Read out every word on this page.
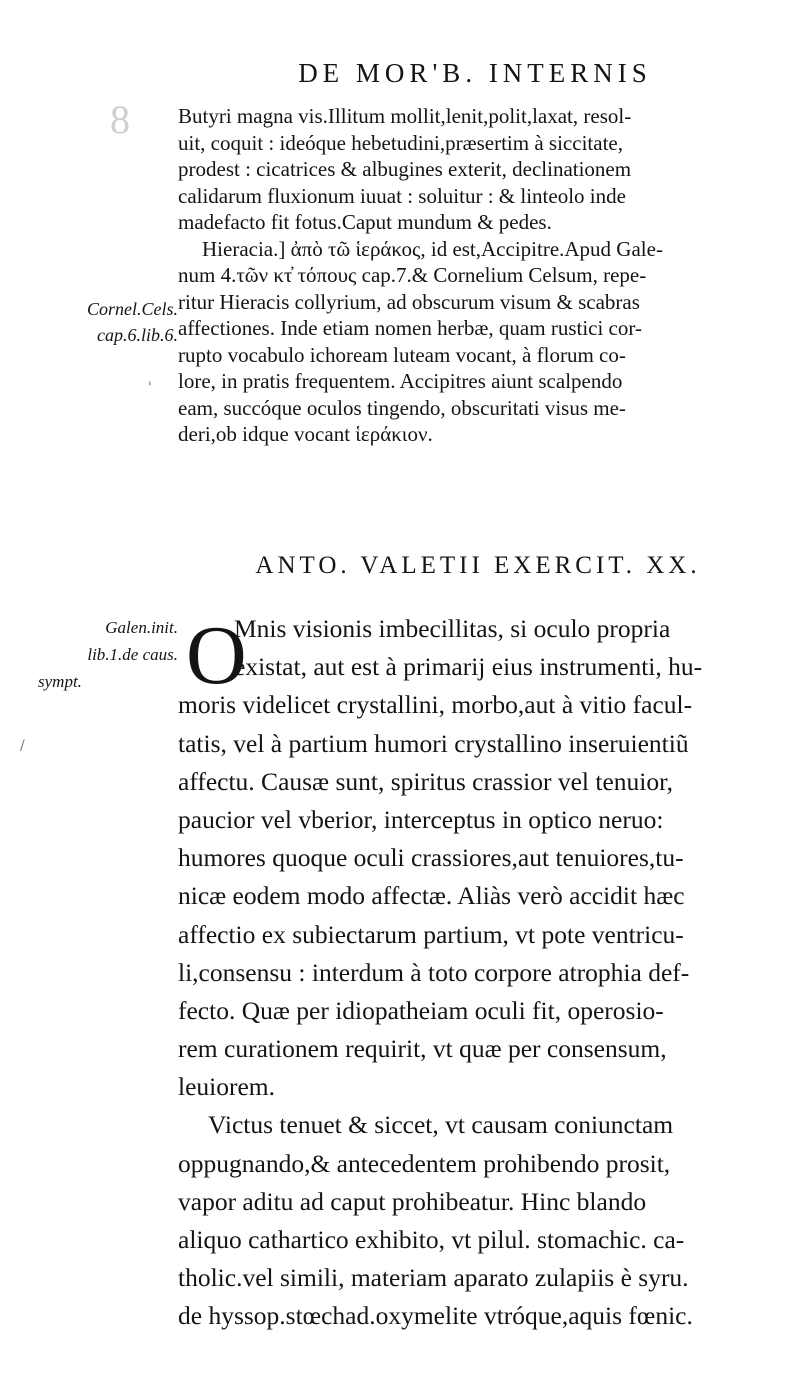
8
DE MOR'B. INTERNIS
Butyri magna vis.Illitum mollit,lenit,polit,laxat, resol-
uit, coquit : ideóque hebetudini,præsertim à siccitate,
prodest : cicatrices & albugines exterit, declinationem
calidarum fluxionum iuuat : soluitur : & linteolo inde
madefacto fit fotus.Caput mundum & pedes.
Hieracia.] ἀπὸ τῶ ἱεράκος, id est,Accipitre.Apud Gale-
num 4.τῶν κτ̓ τόπους cap.7.& Cornelium Celsum, repe-
ritur Hieracis collyrium, ad obscurum visum & scabras
affectiones. Inde etiam nomen herbæ, quam rustici cor-
rupto vocabulo ichoream luteam vocant, à florum co-
lore, in pratis frequentem. Accipitres aiunt scalpendo
eam, succóque oculos tingendo, obscuritati visus me-
deri,ob idque vocant ἱεράκιον.
Cornel.Cels.
cap.6.lib.6.
ANTO. VALETII EXERCIT. XX.
Galen.init.
lib.1.de caus.
sympt.	O
Mnis visionis imbecillitas, si oculo propria
existat, aut est à primarij eius instrumenti, hu-
moris videlicet crystallini, morbo,aut à vitio facul-
tatis, vel à partium humori crystallino inseruientiũ
affectu. Causæ sunt, spiritus crassior vel tenuior,
paucior vel vberior, interceptus in optico neruo:
humores quoque oculi crassiores,aut tenuiores,tu-
nicæ eodem modo affectæ. Aliàs verò accidit hæc
affectio ex subiectarum partium, vt pote ventricu-
li,consensu : interdum à toto corpore atrophia def-
fecto. Quæ per idiopatheiam oculi fit, operosio-
rem curationem requirit, vt quæ per consensum,
leuiorem.
Victus tenuet & siccet, vt causam coniunctam
oppugnando,& antecedentem prohibendo prosit,
vapor aditu ad caput prohibeatur. Hinc blando
aliquo cathartico exhibito, vt pilul. stomachic. ca-
tholic.vel simili, materiam aparato zulapiis è syru.
de hyssop.stœchad.oxymelite vtróque,aquis fœnic.
/
'
